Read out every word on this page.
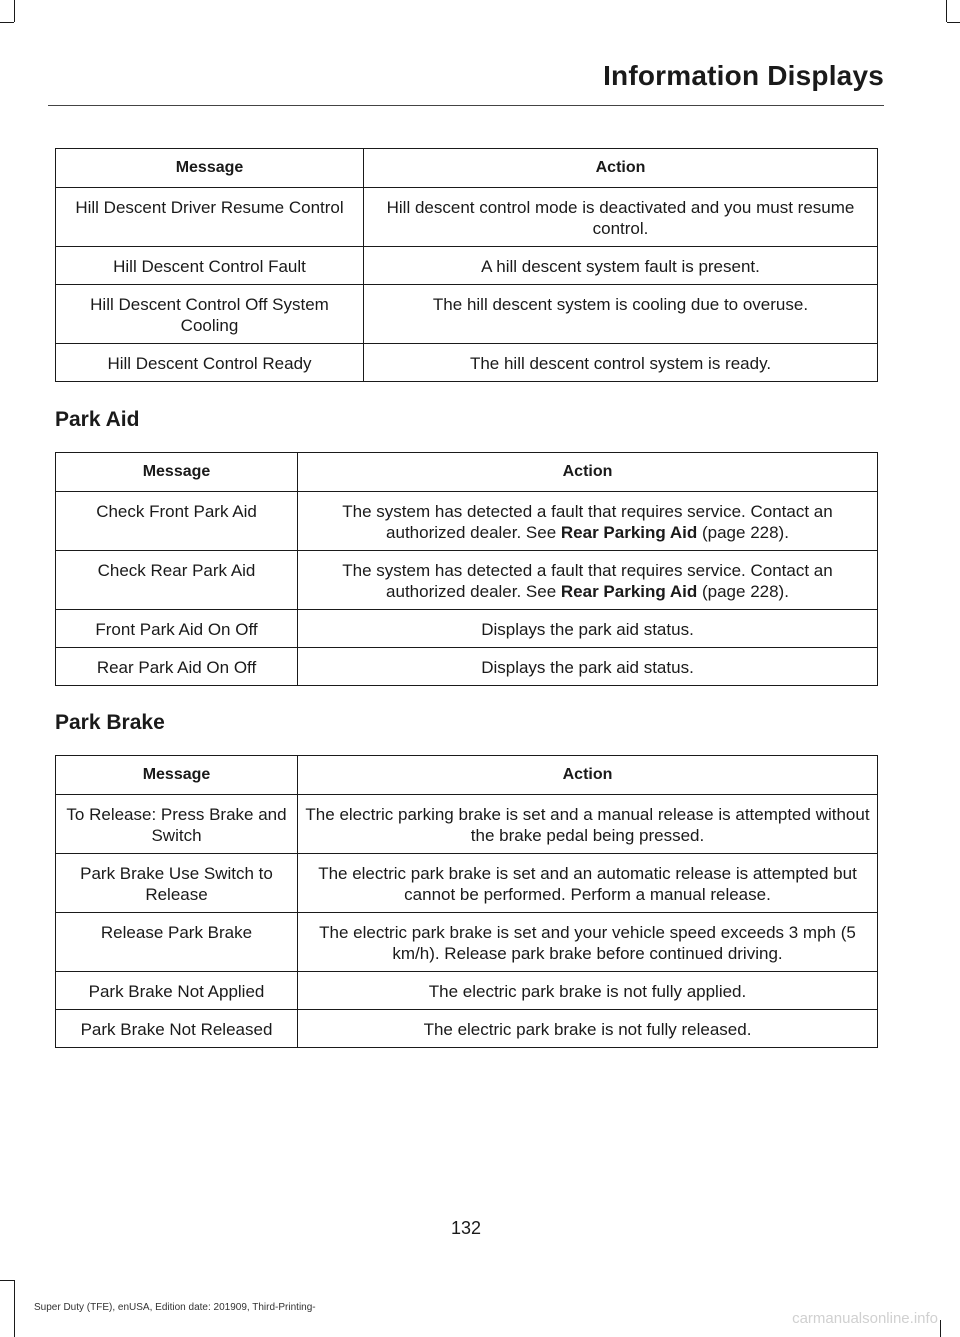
Information Displays
Message	Action
Hill Descent Driver Resume Control	Hill descent control mode is deactivated and you must resume control.
Hill Descent Control Fault	A hill descent system fault is present.
Hill Descent Control Off System Cooling	The hill descent system is cooling due to overuse.
Hill Descent Control Ready	The hill descent control system is ready.
Park Aid
Message	Action
Check Front Park Aid	The system has detected a fault that requires service. Contact an authorized dealer. See Rear Parking Aid (page 228).
Check Rear Park Aid	The system has detected a fault that requires service. Contact an authorized dealer. See Rear Parking Aid (page 228).
Front Park Aid On Off	Displays the park aid status.
Rear Park Aid On Off	Displays the park aid status.
Park Brake
Message	Action
To Release: Press Brake and Switch	The electric parking brake is set and a manual release is attempted without the brake pedal being pressed.
Park Brake Use Switch to Release	The electric park brake is set and an automatic release is attempted but cannot be performed. Perform a manual release.
Release Park Brake	The electric park brake is set and your vehicle speed exceeds 3 mph (5 km/h). Release park brake before continued driving.
Park Brake Not Applied	The electric park brake is not fully applied.
Park Brake Not Released	The electric park brake is not fully released.
132
Super Duty (TFE), enUSA, Edition date: 201909, Third-Printing-
carmanualsonline.info
